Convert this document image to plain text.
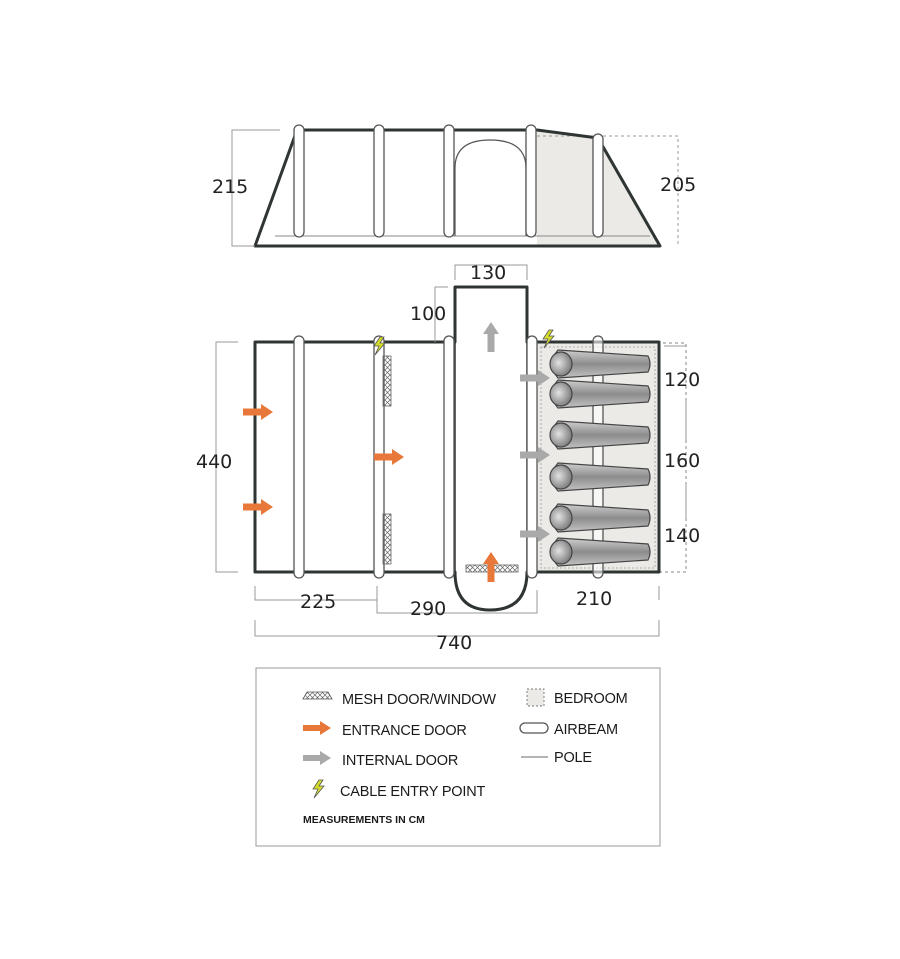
215	205
130
100
440
120
160
140
225	290	210
740
MESH DOOR/WINDOW
ENTRANCE DOOR
INTERNAL DOOR
CABLE ENTRY POINT
MEASUREMENTS IN CM
BEDROOM
AIRBEAM
POLE
